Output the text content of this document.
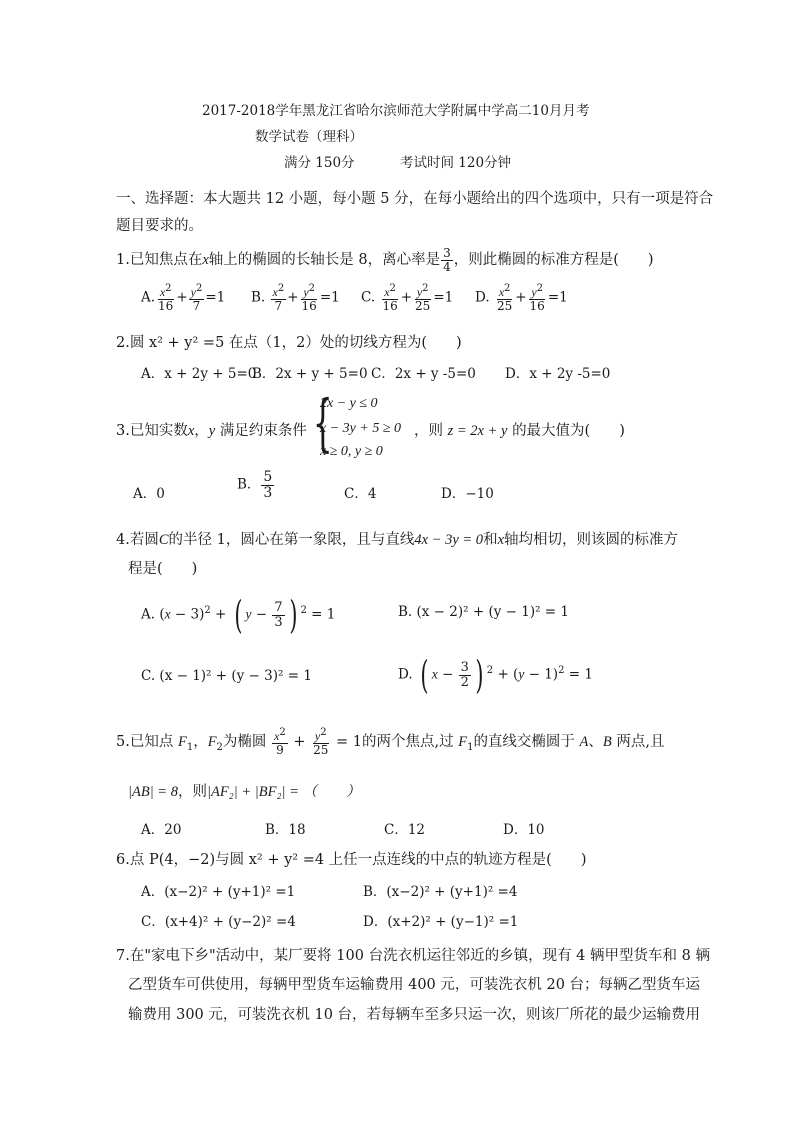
2017-2018学年黑龙江省哈尔滨师范大学附属中学高二10月月考
数学试卷（理科）
满分 150分	考试时间 120分钟
一、选择题：本大题共 12 小题，每小题 5 分，在每小题给出的四个选项中，只有一项是符合
题目要求的。
1.已知焦点在x轴上的椭圆的长轴长是 8，离心率是 $\frac{3}{4}$ ，则此椭圆的标准方程是(　　)
A. $\frac{x^2}{16} + \frac{y^2}{7} =1$ B. $\frac{x^2}{7} + \frac{y^2}{16} =1$ C. $\frac{x^2}{16} + \frac{y^2}{25} =1$ D. $\frac{x^2}{25} + \frac{y^2}{16} =1$
2.圆 x² + y² =5 在点（1，2）处的切线方程为(　　)
A．x + 2y + 5=0
B．2x + y + 5=0 C．2x + y -5=0 D．x + 2y -5=0
3.已知实数x，y 满足约束条件 {
2x − y ≤ 0
x − 3y + 5 ≥ 0
x ≥ 0, y ≥ 0
，则 z = 2x + y 的最大值为(　　)
A．0
B． $\frac{5}{3}$	C．4	D．−10
4.若圆C的半径 1，圆心在第一象限，且与直线4x − 3y = 0和x轴均相切，则该圆的标准方
程是(　　)
A. $(x - 3)^2$ + ( $y - \frac{7}{3}$ ) $^2$ = 1	B. (x − 2)² + (y − 1)² = 1
C. (x − 1)² + (y − 3)² = 1	D. ( $x - \frac{3}{2}$ ) $^2 + (y - 1)^2 = 1$
5.已知点 $F_1$，$F_2$为椭圆 $\frac{x^2}{9} + \frac{y^2}{25} = 1$的两个焦点,过 $F_1$的直线交椭圆于 A、B 两点,且
|AB| = 8，则|AF₂| + |BF₂| = （　　）
A．20	B．18	C．12	D．10
6.点 P(4，−2)与圆 x² + y² =4 上任一点连线的中点的轨迹方程是(　　)
A．(x−2)² + (y+1)² =1	B．(x−2)² + (y+1)² =4
C．(x+4)² + (y−2)² =4	D．(x+2)² + (y−1)² =1
7.在"家电下乡"活动中，某厂要将 100 台洗衣机运往邻近的乡镇，现有 4 辆甲型货车和 8 辆
乙型货车可供使用，每辆甲型货车运输费用 400 元，可装洗衣机 20 台；每辆乙型货车运
输费用 300 元，可装洗衣机 10 台，若每辆车至多只运一次，则该厂所花的最少运输费用
